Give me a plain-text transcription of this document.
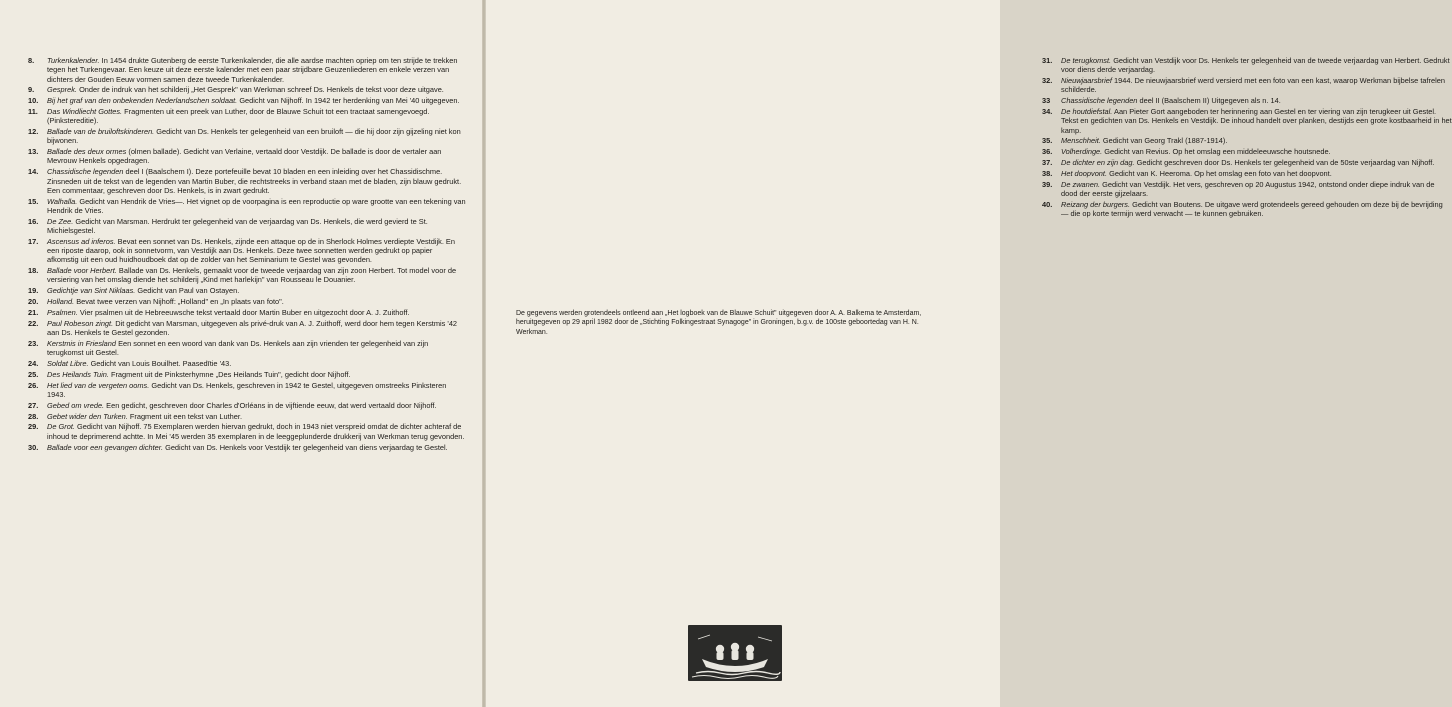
8.	Turkenkalender. In 1454 drukte Gutenberg de eerste Turkenkalender, die alle aardse machten opriep om ten strijde te trekken tegen het Turkengevaar. Een keuze uit deze eerste kalender met een paar strijdbare Geuzenliederen en enkele verzen van dichters der Gouden Eeuw vormen samen deze tweede Turkenkalender.
9.	Gesprek. Onder de indruk van het schilderij „Het Gesprek" van Werkman schreef Ds. Henkels de tekst voor deze uitgave.
10.	Bij het graf van den onbekenden Nederlandschen soldaat. Gedicht van Nijhoff. In 1942 ter herdenking van Mei '40 uitgegeven.
11.	Das Windliecht Gottes. Fragmenten uit een preek van Luther, door de Blauwe Schuit tot een tractaat samengevoegd. (Pinkstereditie).
12.	Ballade van de bruiloftskinderen. Gedicht van Ds. Henkels ter gelegenheid van een bruiloft — die hij door zijn gijzeling niet kon bijwonen.
13.	Ballade des deux ormes (olmen ballade). Gedicht van Verlaine, vertaald door Vestdijk. De ballade is door de vertaler aan Mevrouw Henkels opgedragen.
14.	Chassidische legenden deel I (Baalschem I). Deze portefeuille bevat 10 bladen en een inleiding over het Chassidischme. Zinsneden uit de tekst van de legenden van Martin Buber, die rechtstreeks in verband staan met de bladen, zijn blauw gedrukt. Een commentaar, geschreven door Ds. Henkels, is in zwart gedrukt.
15.	Walhalla. Gedicht van Hendrik de Vries—. Het vignet op de voorpagina is een reproductie op ware grootte van een tekening van Hendrik de Vries.
16.	De Zee. Gedicht van Marsman. Herdrukt ter gelegenheid van de verjaardag van Ds. Henkels, die werd gevierd te St. Michielsgestel.
17.	Ascensus ad inferos. Bevat een sonnet van Ds. Henkels, zijnde een attaque op de in Sherlock Holmes verdiepte Vestdijk. En een riposte daarop, ook in sonnetvorm, van Vestdijk aan Ds. Henkels. Deze twee sonnetten werden gedrukt op papier afkomstig uit een oud huidhoudboek dat op de zolder van het Seminarium te Gestel was gevonden.
18.	Ballade voor Herbert. Ballade van Ds. Henkels, gemaakt voor de tweede verjaardag van zijn zoon Herbert. Tot model voor de versiering van het omslag diende het schilderij „Kind met harlekijn" van Rousseau le Douanier.
19.	Gedichtje van Sint Niklaas. Gedicht van Paul van Ostayen.
20.	Holland. Bevat twee verzen van Nijhoff: „Holland" en „In plaats van foto".
21.	Psalmen. Vier psalmen uit de Hebreeuwsche tekst vertaald door Martin Buber en uitgezocht door A. J. Zuithoff.
22.	Paul Robeson zingt. Dit gedicht van Marsman, uitgegeven als privé-druk van A. J. Zuithoff, werd door hem tegen Kerstmis '42 aan Ds. Henkels te Gestel gezonden.
23.	Kerstmis in Friesland Een sonnet en een woord van dank van Ds. Henkels aan zijn vrienden ter gelegenheid van zijn terugkomst uit Gestel.
24.	Soldat Libre. Gedicht van Louis Bouilhet. Paasedītie '43.
25.	Des Heilands Tuin. Fragment uit de Pinksterhymne „Des Heilands Tuin", gedicht door Nijhoff.
26.	Het lied van de vergeten ooms. Gedicht van Ds. Henkels, geschreven in 1942 te Gestel, uitgegeven omstreeks Pinksteren 1943.
27.	Gebed om vrede. Een gedicht, geschreven door Charles d'Orléans in de vijftiende eeuw, dat werd vertaald door Nijhoff.
28.	Gebet wider den Turken. Fragment uit een tekst van Luther.
29.	De Grot. Gedicht van Nijhoff. 75 Exemplaren werden hiervan gedrukt, doch in 1943 niet verspreid omdat de dichter achteraf de inhoud te deprimerend achtte. In Mei '45 werden 35 exemplaren in de leeggeplunderde drukkerij van Werkman terug gevonden.
30.	Ballade voor een gevangen dichter. Gedicht van Ds. Henkels voor Vestdijk ter gelegenheid van diens verjaardag te Gestel.
31.	De terugkomst. Gedicht van Vestdijk voor Ds. Henkels ter gelegenheid van de tweede verjaardag van Herbert. Gedrukt voor diens derde verjaardag.
32.	Nieuwjaarsbrief 1944. De nieuwjaarsbrief werd versierd met een foto van een kast, waarop Werkman bijbelse tafrelen schilderde.
33	Chassidische legenden deel II (Baalschem II) Uitgegeven als n. 14.
34.	De houtdiefstal. Aan Pieter Gort aangeboden ter herinnering aan Gestel en ter viering van zijn terugkeer uit Gestel. Tekst en gedichten van Ds. Henkels en Vestdijk. De inhoud handelt over planken, destijds een grote kostbaarheid in het kamp.
35.	Menschheit. Gedicht van Georg Trakl (1887-1914).
36.	Volherdinge. Gedicht van Revius. Op het omslag een middeleeuwsche houtsnede.
37.	De dichter en zijn dag. Gedicht geschreven door Ds. Henkels ter gelegenheid van de 50ste verjaardag van Nijhoff.
38.	Het doopvont. Gedicht van K. Heeroma. Op het omslag een foto van het doopvont.
39.	De zwanen. Gedicht van Vestdijk. Het vers, geschreven op 20 Augustus 1942, ontstond onder diepe indruk van de dood der eerste gijzelaars.
40.	Reizang der burgers. Gedicht van Boutens. De uitgave werd grotendeels gereed gehouden om deze bij de bevrijding — die op korte termijn werd verwacht — te kunnen gebruiken.

De gegevens werden grotendeels ontleend aan „Het logboek van de Blauwe Schuit" uitgegeven door A. A. Balkema te Amsterdam, heruitgegeven op 29 april 1982 door de „Stichting Folkingestraat Synagoge" in Groningen, b.g.v. de 100ste geboortedag van H. N. Werkman.
